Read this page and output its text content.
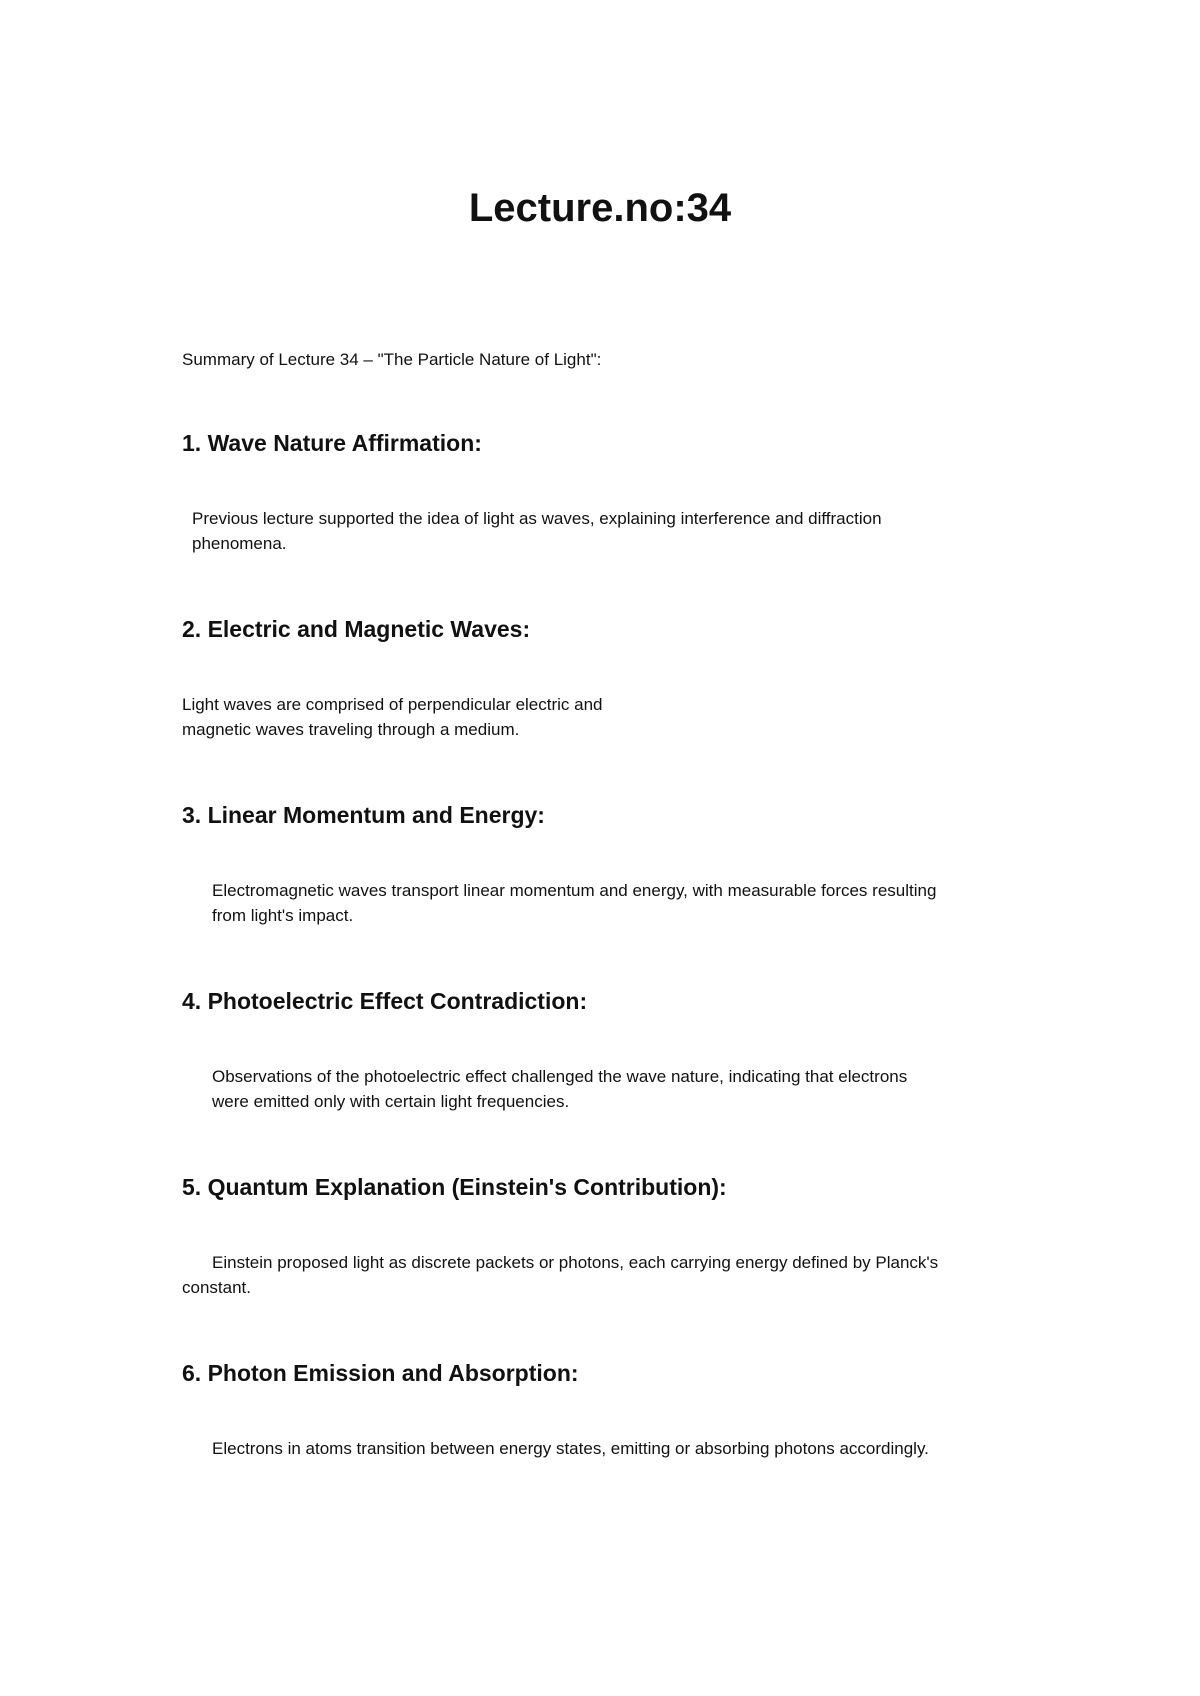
Lecture.no:34

Summary of Lecture 34 – "The Particle Nature of Light":

1. Wave Nature Affirmation:

Previous lecture supported the idea of light as waves, explaining interference and diffraction
phenomena.

2. Electric and Magnetic Waves:

Light waves are comprised of perpendicular electric and
magnetic waves traveling through a medium.

3. Linear Momentum and Energy:

Electromagnetic waves transport linear momentum and energy, with measurable forces resulting
from light's impact.

4. Photoelectric Effect Contradiction:

Observations of the photoelectric effect challenged the wave nature, indicating that electrons
were emitted only with certain light frequencies.

5. Quantum Explanation (Einstein's Contribution):

Einstein proposed light as discrete packets or photons, each carrying energy defined by Planck's
constant.

6. Photon Emission and Absorption:

Electrons in atoms transition between energy states, emitting or absorbing photons accordingly.
